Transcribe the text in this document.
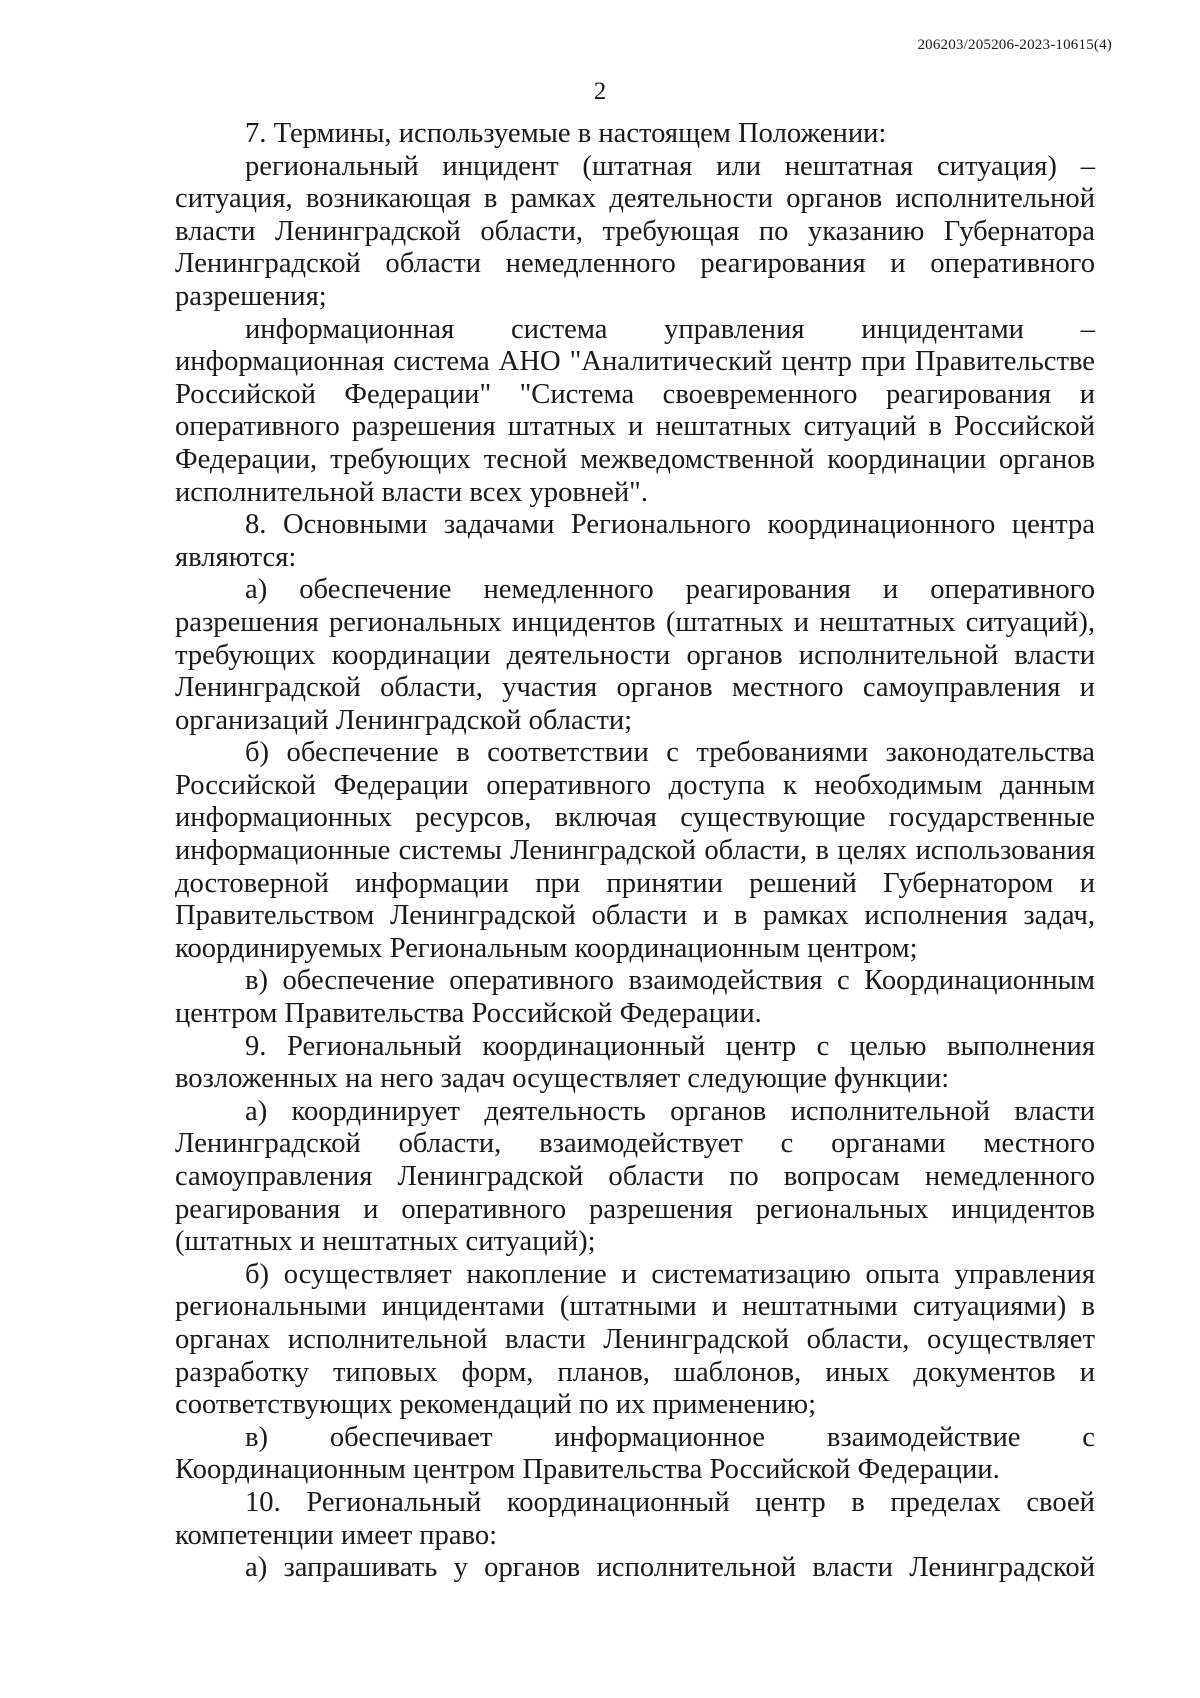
206203/205206-2023-10615(4)
2

7. Термины, используемые в настоящем Положении:

региональный инцидент (штатная или нештатная ситуация) – ситуация, возникающая в рамках деятельности органов исполнительной власти Ленинградской области, требующая по указанию Губернатора Ленинградской области немедленного реагирования и оперативного разрешения;

информационная система управления инцидентами – информационная система АНО "Аналитический центр при Правительстве Российской Федерации" "Система своевременного реагирования и оперативного разрешения штатных и нештатных ситуаций в Российской Федерации, требующих тесной межведомственной координации органов исполнительной власти всех уровней".

8. Основными задачами Регионального координационного центра являются:

а) обеспечение немедленного реагирования и оперативного разрешения региональных инцидентов (штатных и нештатных ситуаций), требующих координации деятельности органов исполнительной власти Ленинградской области, участия органов местного самоуправления и организаций Ленинградской области;

б) обеспечение в соответствии с требованиями законодательства Российской Федерации оперативного доступа к необходимым данным информационных ресурсов, включая существующие государственные информационные системы Ленинградской области, в целях использования достоверной информации при принятии решений Губернатором и Правительством Ленинградской области и в рамках исполнения задач, координируемых Региональным координационным центром;

в) обеспечение оперативного взаимодействия с Координационным центром Правительства Российской Федерации.

9. Региональный координационный центр с целью выполнения возложенных на него задач осуществляет следующие функции:

а) координирует деятельность органов исполнительной власти Ленинградской области, взаимодействует с органами местного самоуправления Ленинградской области по вопросам немедленного реагирования и оперативного разрешения региональных инцидентов (штатных и нештатных ситуаций);

б) осуществляет накопление и систематизацию опыта управления региональными инцидентами (штатными и нештатными ситуациями) в органах исполнительной власти Ленинградской области, осуществляет разработку типовых форм, планов, шаблонов, иных документов и соответствующих рекомендаций по их применению;

в) обеспечивает информационное взаимодействие с Координационным центром Правительства Российской Федерации.

10. Региональный координационный центр в пределах своей компетенции имеет право:

а) запрашивать у органов исполнительной власти Ленинградской
